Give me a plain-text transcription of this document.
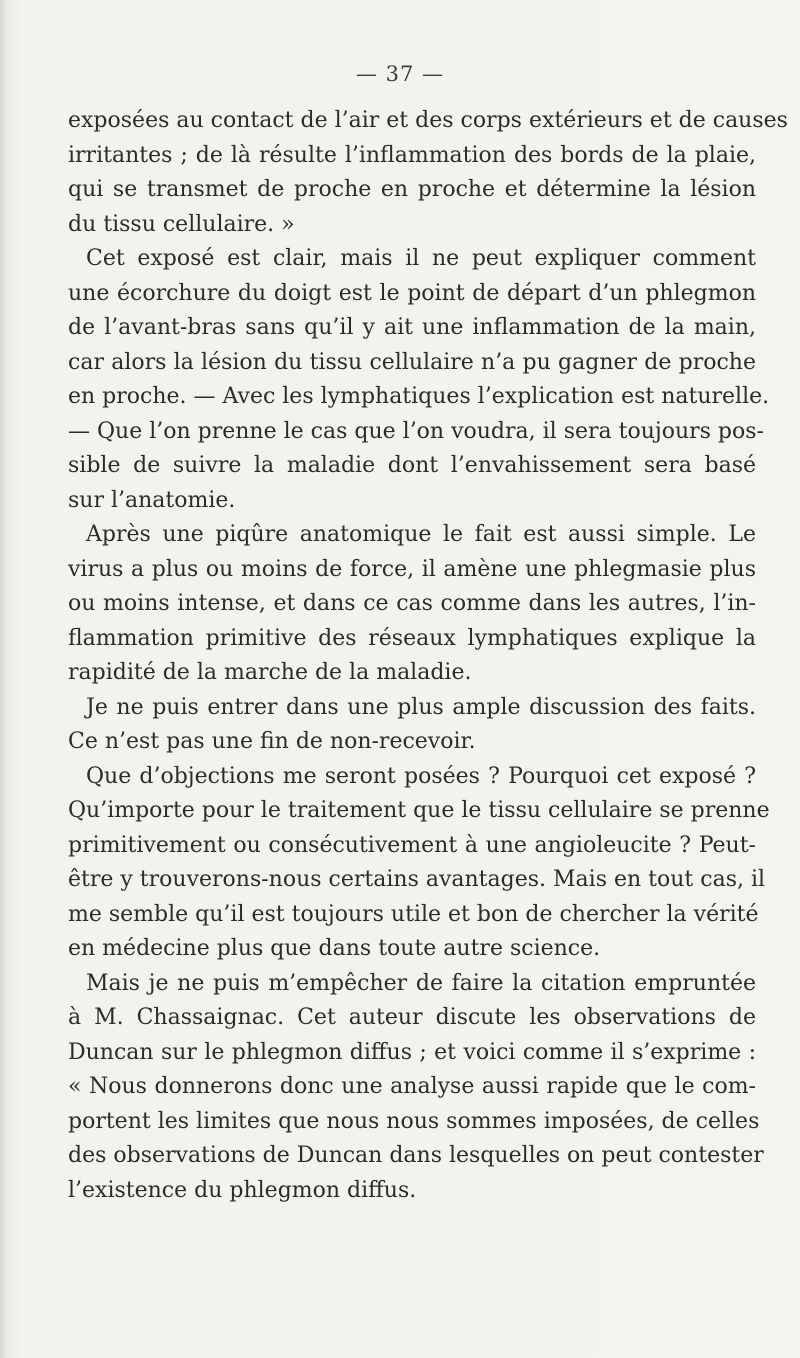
— 37 —
exposées au contact de l’air et des corps extérieurs et de causes
irritantes ; de là résulte l’inflammation des bords de la plaie,
qui se transmet de proche en proche et détermine la lésion
du tissu cellulaire. »
Cet exposé est clair, mais il ne peut expliquer comment
une écorchure du doigt est le point de départ d’un phlegmon
de l’avant-bras sans qu’il y ait une inflammation de la main,
car alors la lésion du tissu cellulaire n’a pu gagner de proche
en proche. — Avec les lymphatiques l’explication est naturelle.
— Que l’on prenne le cas que l’on voudra, il sera toujours pos-
sible de suivre la maladie dont l’envahissement sera basé
sur l’anatomie.
Après une piqûre anatomique le fait est aussi simple. Le
virus a plus ou moins de force, il amène une phlegmasie plus
ou moins intense, et dans ce cas comme dans les autres, l’in-
flammation primitive des réseaux lymphatiques explique la
rapidité de la marche de la maladie.
Je ne puis entrer dans une plus ample discussion des faits.
Ce n’est pas une fin de non-recevoir.
Que d’objections me seront posées ? Pourquoi cet exposé ?
Qu’importe pour le traitement que le tissu cellulaire se prenne
primitivement ou consécutivement à une angioleucite ? Peut-
être y trouverons-nous certains avantages. Mais en tout cas, il
me semble qu’il est toujours utile et bon de chercher la vérité
en médecine plus que dans toute autre science.
Mais je ne puis m’empêcher de faire la citation empruntée
à M. Chassaignac. Cet auteur discute les observations de
Duncan sur le phlegmon diffus ; et voici comme il s’exprime :
« Nous donnerons donc une analyse aussi rapide que le com-
portent les limites que nous nous sommes imposées, de celles
des observations de Duncan dans lesquelles on peut contester
l’existence du phlegmon diffus.
